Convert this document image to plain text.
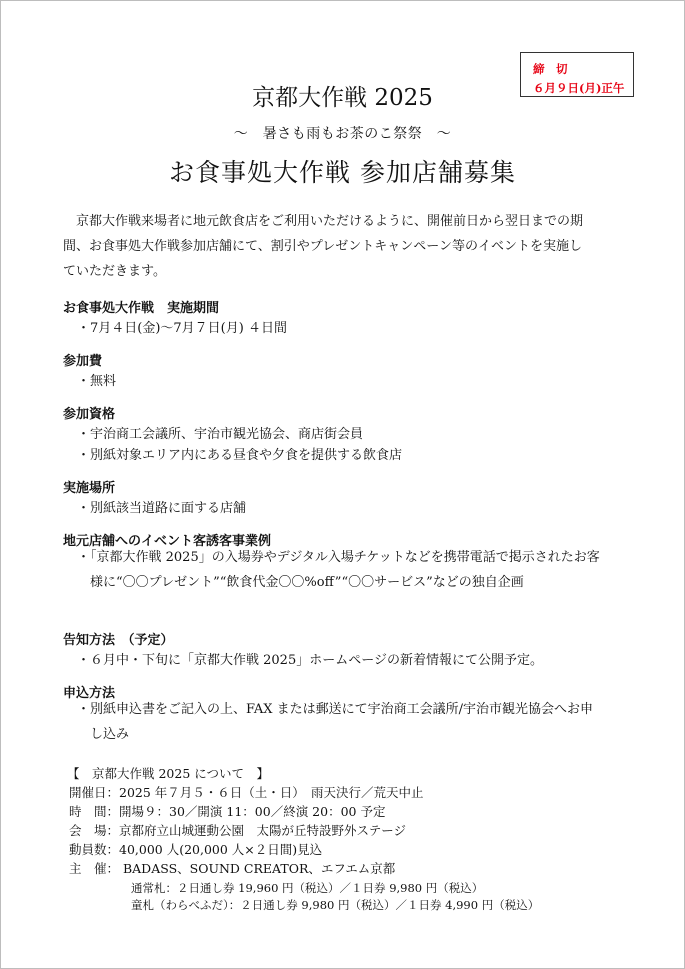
締　切
６月９日(月)正午
京都大作戦 2025
～　暑さも雨もお茶のこ祭祭　～
お食事処大作戦 参加店舗募集
京都大作戦来場者に地元飲食店をご利用いただけるように、開催前日から翌日までの期間、お食事処大作戦参加店舗にて、割引やプレゼントキャンペーン等のイベントを実施していただきます。
お食事処大作戦　実施期間
・7月４日(金)～7月７日(月) ４日間
参加費
・無料
参加資格
・宇治商工会議所、宇治市観光協会、商店街会員
・別紙対象エリア内にある昼食や夕食を提供する飲食店
実施場所
・別紙該当道路に面する店舗
地元店舗へのイベント客誘客事業例
・「京都大作戦 2025」の入場券やデジタル入場チケットなどを携帯電話で掲示されたお客様に“〇〇プレゼント”“飲食代金〇〇%off”“〇〇サービス”などの独自企画
告知方法　（予定）
・６月中・下旬に「京都大作戦 2025」ホームページの新着情報にて公開予定。
申込方法
・別紙申込書をご記入の上、FAX または郵送にて宇治商工会議所/宇治市観光協会へお申し込み
【　京都大作戦 2025 について　】
開催日：2025 年７月５・６日（土・日）　雨天決行／荒天中止
時　間：開場９：30／開演 11：00／終演 20：00 予定
会　場：京都府立山城運動公園　太陽が丘特設野外ステージ
動員数：40,000 人(20,000 人×２日間)見込
主　催： BADASS、SOUND CREATOR、エフエム京都
通常札：２日通し券 19,960 円（税込）／１日券 9,980 円（税込）
童札（わらべふだ）：２日通し券 9,980 円（税込）／１日券 4,990 円（税込）
